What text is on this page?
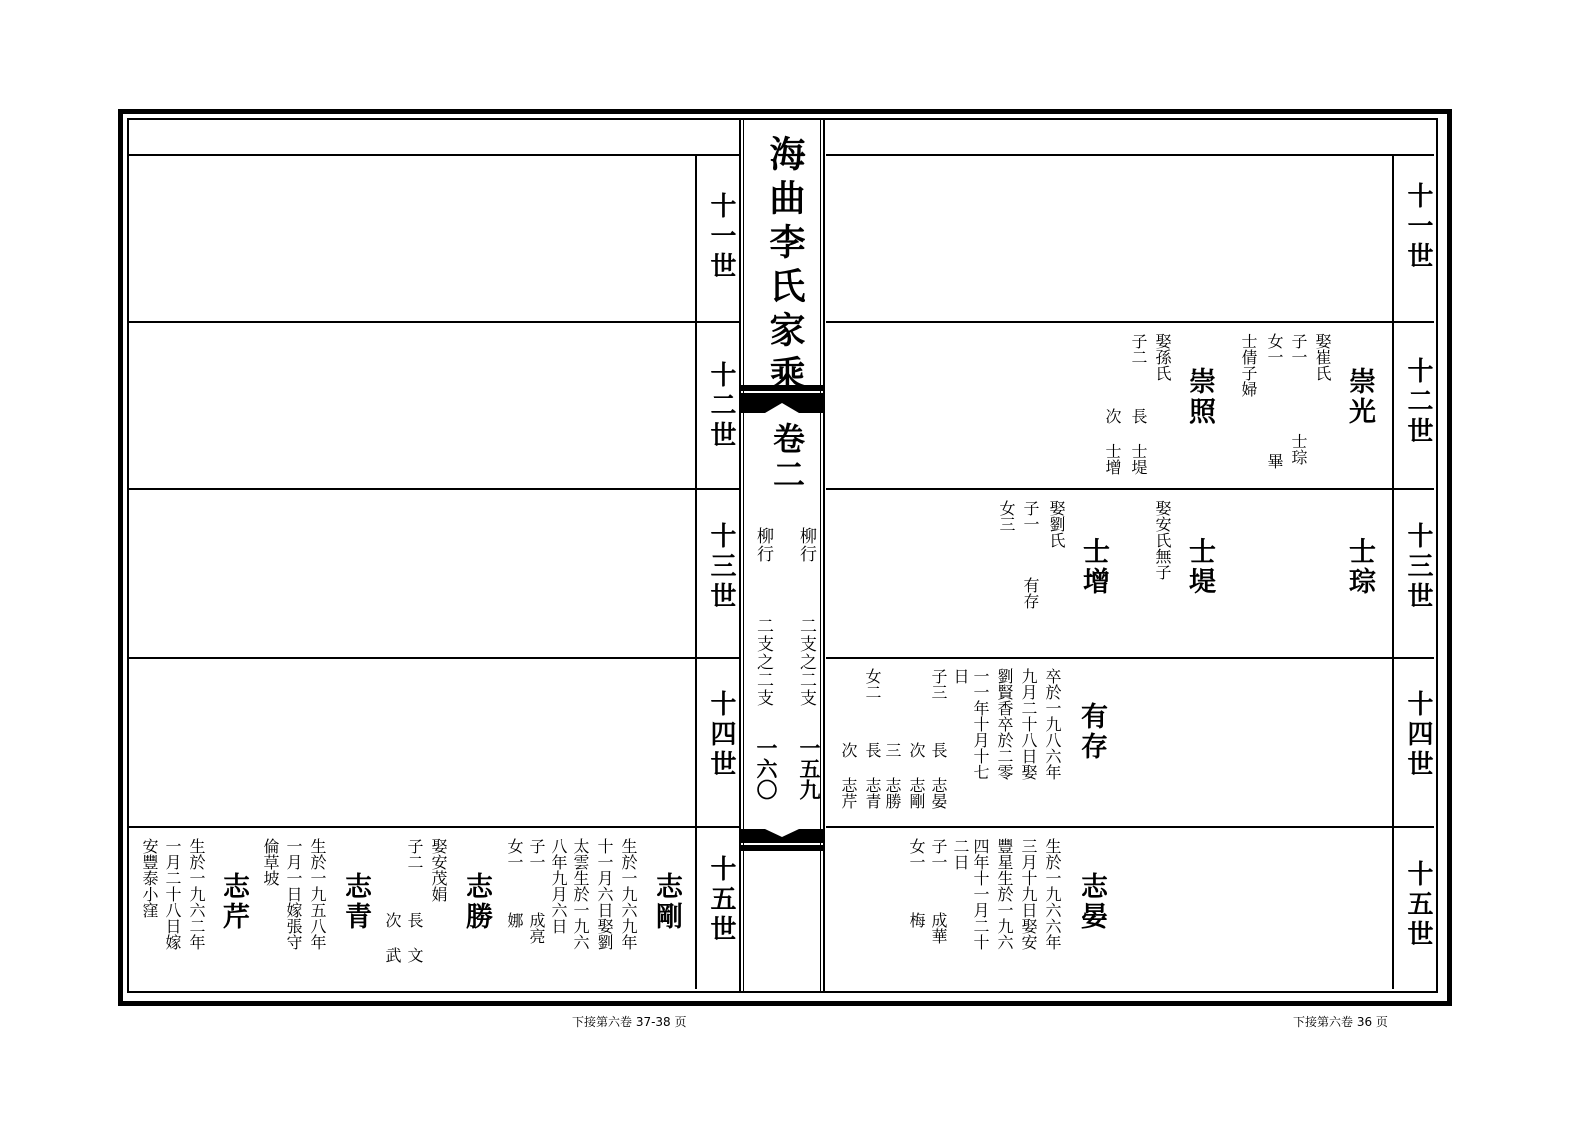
海曲李氏家乘
卷二
柳行
二支之二支
一五九
柳行
二支之二支
一六〇
十一世
十二世
十三世
十四世
十五世
十一世
十二世
十三世
十四世
十五世
崇光
娶崔氏
子一
女一
士倩子婦
士琮
畢
崇照
娶孫氏
子二
長 士堤
次 士增
士琮
士堤
娶安氏無子
士增
娶劉氏
子一
女三
有存
有存
卒於一九八六年
九月二十八日娶
劉賢香卒於二零
一一年十月十七
日
子三
女二
長 志晏
次 志剛
三 志勝
長 志青
次 志芹
志晏
生於一九六六年
三月十九日娶安
豐星生於一九六
四年十一月二十
二日
子一
女一
成華
梅
志剛
生於一九六九年
十一月六日娶劉
太雲生於一九六
八年九月六日
子一
女一
成亮
娜
志勝
娶安茂娟
子二
長 文
次 武
志青
生於一九五八年
一月一日嫁張守
倫草坡
志芹
生於一九六二年
一月二十八日嫁
安豐泰小窪
下接第六卷 37-38 页	下接第六卷 36 页
